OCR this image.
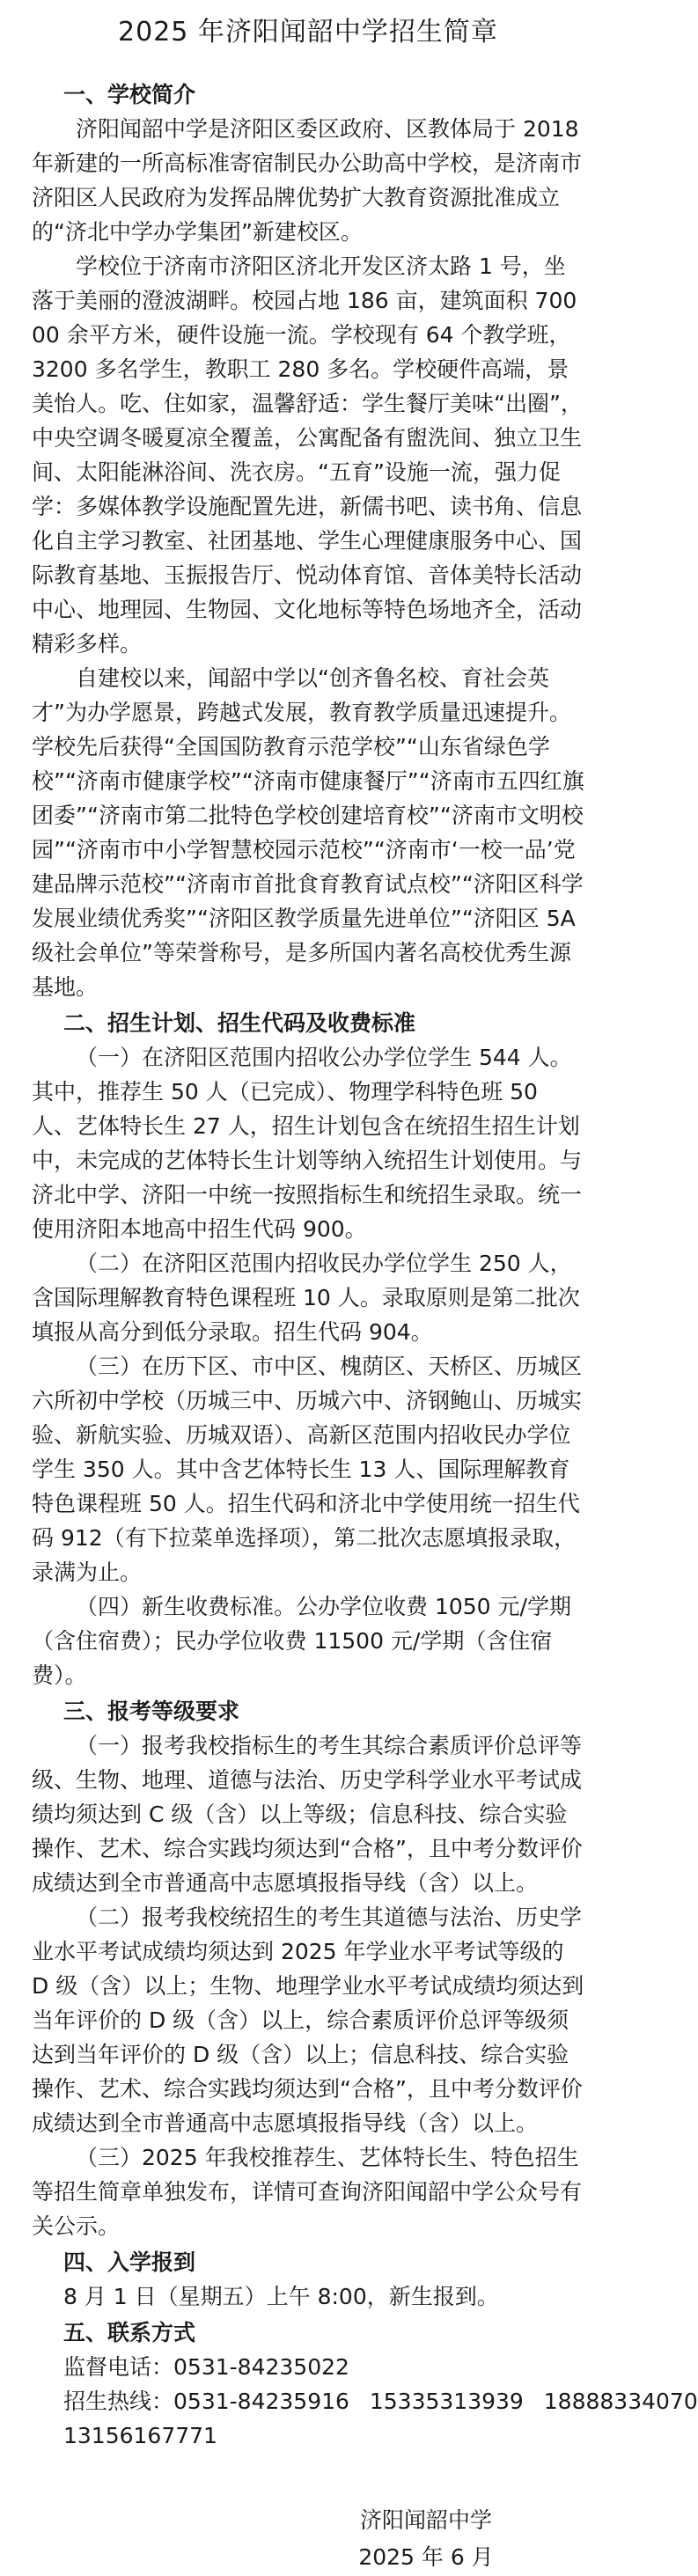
2025 年济阳闻韶中学招生简章
一、学校简介

济阳闻韶中学是济阳区委区政府、区教体局于 2018 年新建的一所高标准寄宿制民办公助高中学校，是济南市济阳区人民政府为发挥品牌优势扩大教育资源批准成立的“济北中学办学集团”新建校区。

学校位于济南市济阳区济北开发区济太路 1 号，坐落于美丽的澄波湖畔。校园占地 186 亩，建筑面积 70000 余平方米，硬件设施一流。学校现有 64 个教学班，3200 多名学生，教职工 280 多名。学校硬件高端，景美怡人。吃、住如家，温馨舒适：学生餐厅美味“出圈”，中央空调冬暖夏凉全覆盖，公寓配备有盥洗间、独立卫生间、太阳能淋浴间、洗衣房。“五育”设施一流，强力促学：多媒体教学设施配置先进，新儒书吧、读书角、信息化自主学习教室、社团基地、学生心理健康服务中心、国际教育基地、玉振报告厅、悦动体育馆、音体美特长活动中心、地理园、生物园、文化地标等特色场地齐全，活动精彩多样。

自建校以来，闻韶中学以“创齐鲁名校、育社会英才”为办学愿景，跨越式发展，教育教学质量迅速提升。学校先后获得“全国国防教育示范学校”“山东省绿色学校”“济南市健康学校”“济南市健康餐厅”“济南市五四红旗团委”“济南市第二批特色学校创建培育校”“济南市文明校园”“济南市中小学智慧校园示范校”“济南市‘一校一品’党建品牌示范校”“济南市首批食育教育试点校”“济阳区科学发展业绩优秀奖”“济阳区教学质量先进单位”“济阳区 5A 级社会单位”等荣誉称号，是多所国内著名高校优秀生源基地。

二、招生计划、招生代码及收费标准

（一）在济阳区范围内招收公办学位学生 544 人。其中，推荐生 50 人（已完成）、物理学科特色班 50 人、艺体特长生 27 人，招生计划包含在统招生招生计划中，未完成的艺体特长生计划等纳入统招生计划使用。与济北中学、济阳一中统一按照指标生和统招生录取。统一使用济阳本地高中招生代码 900。

（二）在济阳区范围内招收民办学位学生 250 人，含国际理解教育特色课程班 10 人。录取原则是第二批次填报从高分到低分录取。招生代码 904。

（三）在历下区、市中区、槐荫区、天桥区、历城区六所初中学校（历城三中、历城六中、济钢鲍山、历城实验、新航实验、历城双语）、高新区范围内招收民办学位学生 350 人。其中含艺体特长生 13 人、国际理解教育特色课程班 50 人。招生代码和济北中学使用统一招生代码 912（有下拉菜单选择项），第二批次志愿填报录取，录满为止。

（四）新生收费标准。公办学位收费 1050 元/学期（含住宿费）；民办学位收费 11500 元/学期（含住宿费）。

三、报考等级要求

（一）报考我校指标生的考生其综合素质评价总评等级、生物、地理、道德与法治、历史学科学业水平考试成绩均须达到 C 级（含）以上等级；信息科技、综合实验操作、艺术、综合实践均须达到“合格”，且中考分数评价成绩达到全市普通高中志愿填报指导线（含）以上。

（二）报考我校统招生的考生其道德与法治、历史学业水平考试成绩均须达到 2025 年学业水平考试等级的 D 级（含）以上；生物、地理学业水平考试成绩均须达到当年评价的 D 级（含）以上，综合素质评价总评等级须达到当年评价的 D 级（含）以上；信息科技、综合实验操作、艺术、综合实践均须达到“合格”，且中考分数评价成绩达到全市普通高中志愿填报指导线（含）以上。

（三）2025 年我校推荐生、艺体特长生、特色招生等招生简章单独发布，详情可查询济阳闻韶中学公众号有关公示。

四、入学报到
8 月 1 日（星期五）上午 8:00，新生报到。
五、联系方式
监督电话：0531-84235022
招生热线：0531-84235916 15335313939 18888334070
13156167771
济阳闻韶中学
2025 年 6 月
